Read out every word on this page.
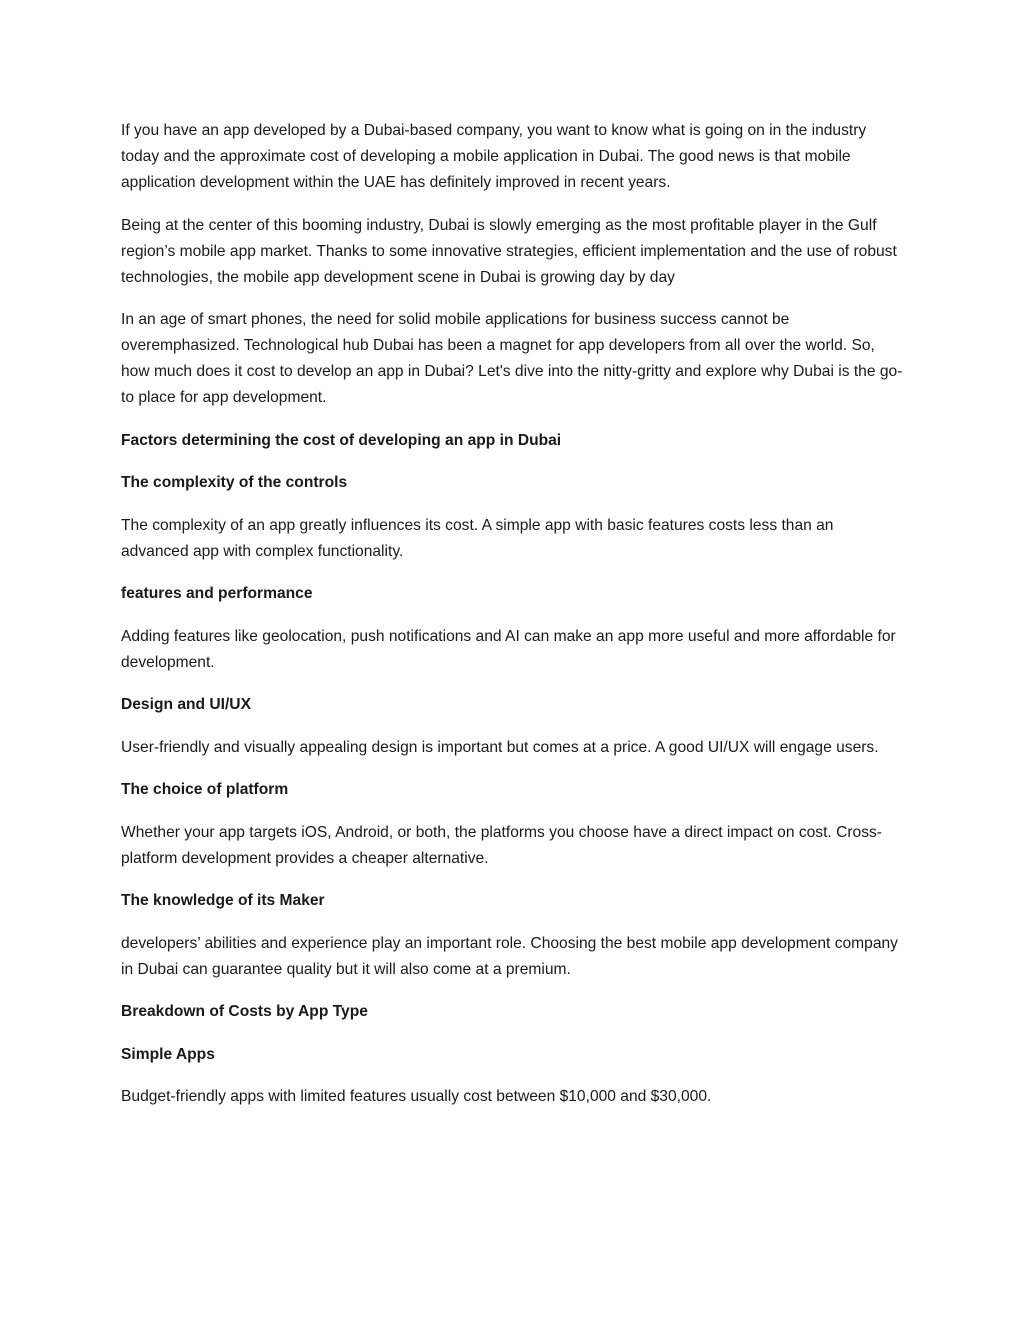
If you have an app developed by a Dubai-based company, you want to know what is going on in the industry today and the approximate cost of developing a mobile application in Dubai. The good news is that mobile application development within the UAE has definitely improved in recent years.

Being at the center of this booming industry, Dubai is slowly emerging as the most profitable player in the Gulf region’s mobile app market. Thanks to some innovative strategies, efficient implementation and the use of robust technologies, the mobile app development scene in Dubai is growing day by day

In an age of smart phones, the need for solid mobile applications for business success cannot be overemphasized. Technological hub Dubai has been a magnet for app developers from all over the world. So, how much does it cost to develop an app in Dubai? Let's dive into the nitty-gritty and explore why Dubai is the go-to place for app development.

Factors determining the cost of developing an app in Dubai

The complexity of the controls

The complexity of an app greatly influences its cost. A simple app with basic features costs less than an advanced app with complex functionality.

features and performance

Adding features like geolocation, push notifications and AI can make an app more useful and more affordable for development.

Design and UI/UX

User-friendly and visually appealing design is important but comes at a price. A good UI/UX will engage users.

The choice of platform

Whether your app targets iOS, Android, or both, the platforms you choose have a direct impact on cost. Cross-platform development provides a cheaper alternative.

The knowledge of its Maker

developers’ abilities and experience play an important role. Choosing the best mobile app development company in Dubai can guarantee quality but it will also come at a premium.

Breakdown of Costs by App Type

Simple Apps

Budget-friendly apps with limited features usually cost between $10,000 and $30,000.
